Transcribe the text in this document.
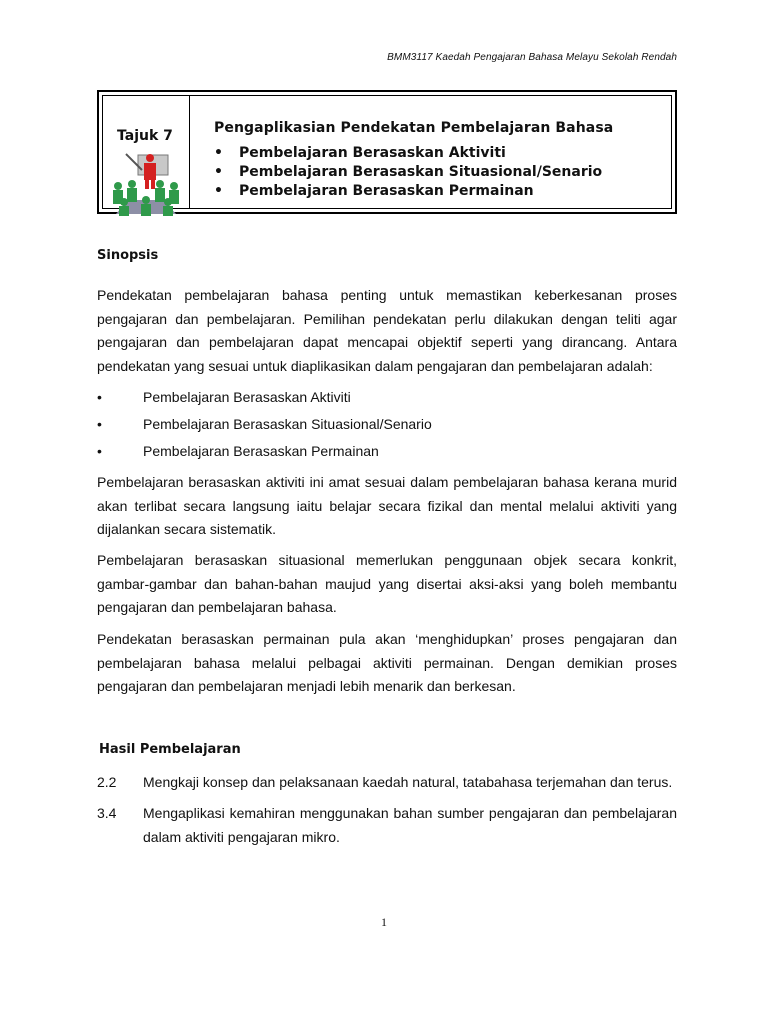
BMM3117 Kaedah Pengajaran Bahasa Melayu Sekolah Rendah
Tajuk 7	Pengaplikasian Pendekatan Pembelajaran Bahasa
• Pembelajaran Berasaskan Aktiviti
• Pembelajaran Berasaskan Situasional/Senario
• Pembelajaran Berasaskan Permainan
Sinopsis

Pendekatan pembelajaran bahasa penting untuk memastikan keberkesanan proses pengajaran dan pembelajaran. Pemilihan pendekatan perlu dilakukan dengan teliti agar pengajaran dan pembelajaran dapat mencapai objektif seperti yang dirancang. Antara pendekatan yang sesuai untuk diaplikasikan dalam pengajaran dan pembelajaran adalah:

• Pembelajaran Berasaskan Aktiviti
• Pembelajaran Berasaskan Situasional/Senario
• Pembelajaran Berasaskan Permainan

Pembelajaran berasaskan aktiviti ini amat sesuai dalam pembelajaran bahasa kerana murid akan terlibat secara langsung iaitu belajar secara fizikal dan mental melalui aktiviti yang dijalankan secara sistematik.

Pembelajaran berasaskan situasional memerlukan penggunaan objek secara konkrit, gambar-gambar dan bahan-bahan maujud yang disertai aksi-aksi yang boleh membantu pengajaran dan pembelajaran bahasa.

Pendekatan berasaskan permainan pula akan ‘menghidupkan’ proses pengajaran dan pembelajaran bahasa melalui pelbagai aktiviti permainan. Dengan demikian proses pengajaran dan pembelajaran menjadi lebih menarik dan berkesan.

Hasil Pembelajaran
2.2 Mengkaji konsep dan pelaksanaan kaedah natural, tatabahasa terjemahan dan terus.
3.4 Mengaplikasi kemahiran menggunakan bahan sumber pengajaran dan pembelajaran dalam aktiviti pengajaran mikro.
1
